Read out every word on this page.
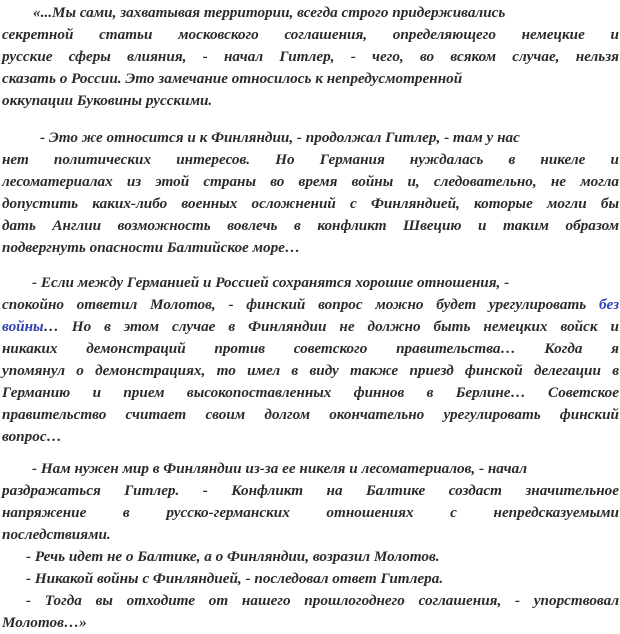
«...Мы сами, захватывая территории, всегда строго придерживались
секретной статьи московского соглашения, определяющего немецкие и
русские сферы влияния, - начал Гитлер, - чего, во всяком случае, нельзя
сказать о России. Это замечание относилось к непредусмотренной
оккупации Буковины русскими.
- Это же относится и к Финляндии, - продолжал Гитлер, - там у нас
нет политических интересов. Но Германия нуждалась в никеле и
лесоматериалах из этой страны во время войны и, следовательно, не могла
допустить каких-либо военных осложнений с Финляндией, которые могли бы
дать Англии возможность вовлечь в конфликт Швецию и таким образом
подвергнуть опасности Балтийское море…
- Если между Германией и Россией сохранятся хорошие отношения, -
спокойно ответил Молотов, - финский вопрос можно будет урегулировать без
войны… Но в этом случае в Финляндии не должно быть немецких войск и
никаких демонстраций против советского правительства… Когда я
упомянул о демонстрациях, то имел в виду также приезд финской делегации в
Германию и прием высокопоставленных финнов в Берлине… Советское
правительство считает своим долгом окончательно урегулировать финский
вопрос…
- Нам нужен мир в Финляндии из-за ее никеля и лесоматериалов, - начал
раздражаться Гитлер. - Конфликт на Балтике создаст значительное
напряжение в русско-германских отношениях с непредсказуемыми
последствиями.
- Речь идет не о Балтике, а о Финляндии, возразил Молотов.
- Никакой войны с Финляндией, - последовал ответ Гитлера.
- Тогда вы отходите от нашего прошлогоднего соглашения, - упорствовал
Молотов…»
